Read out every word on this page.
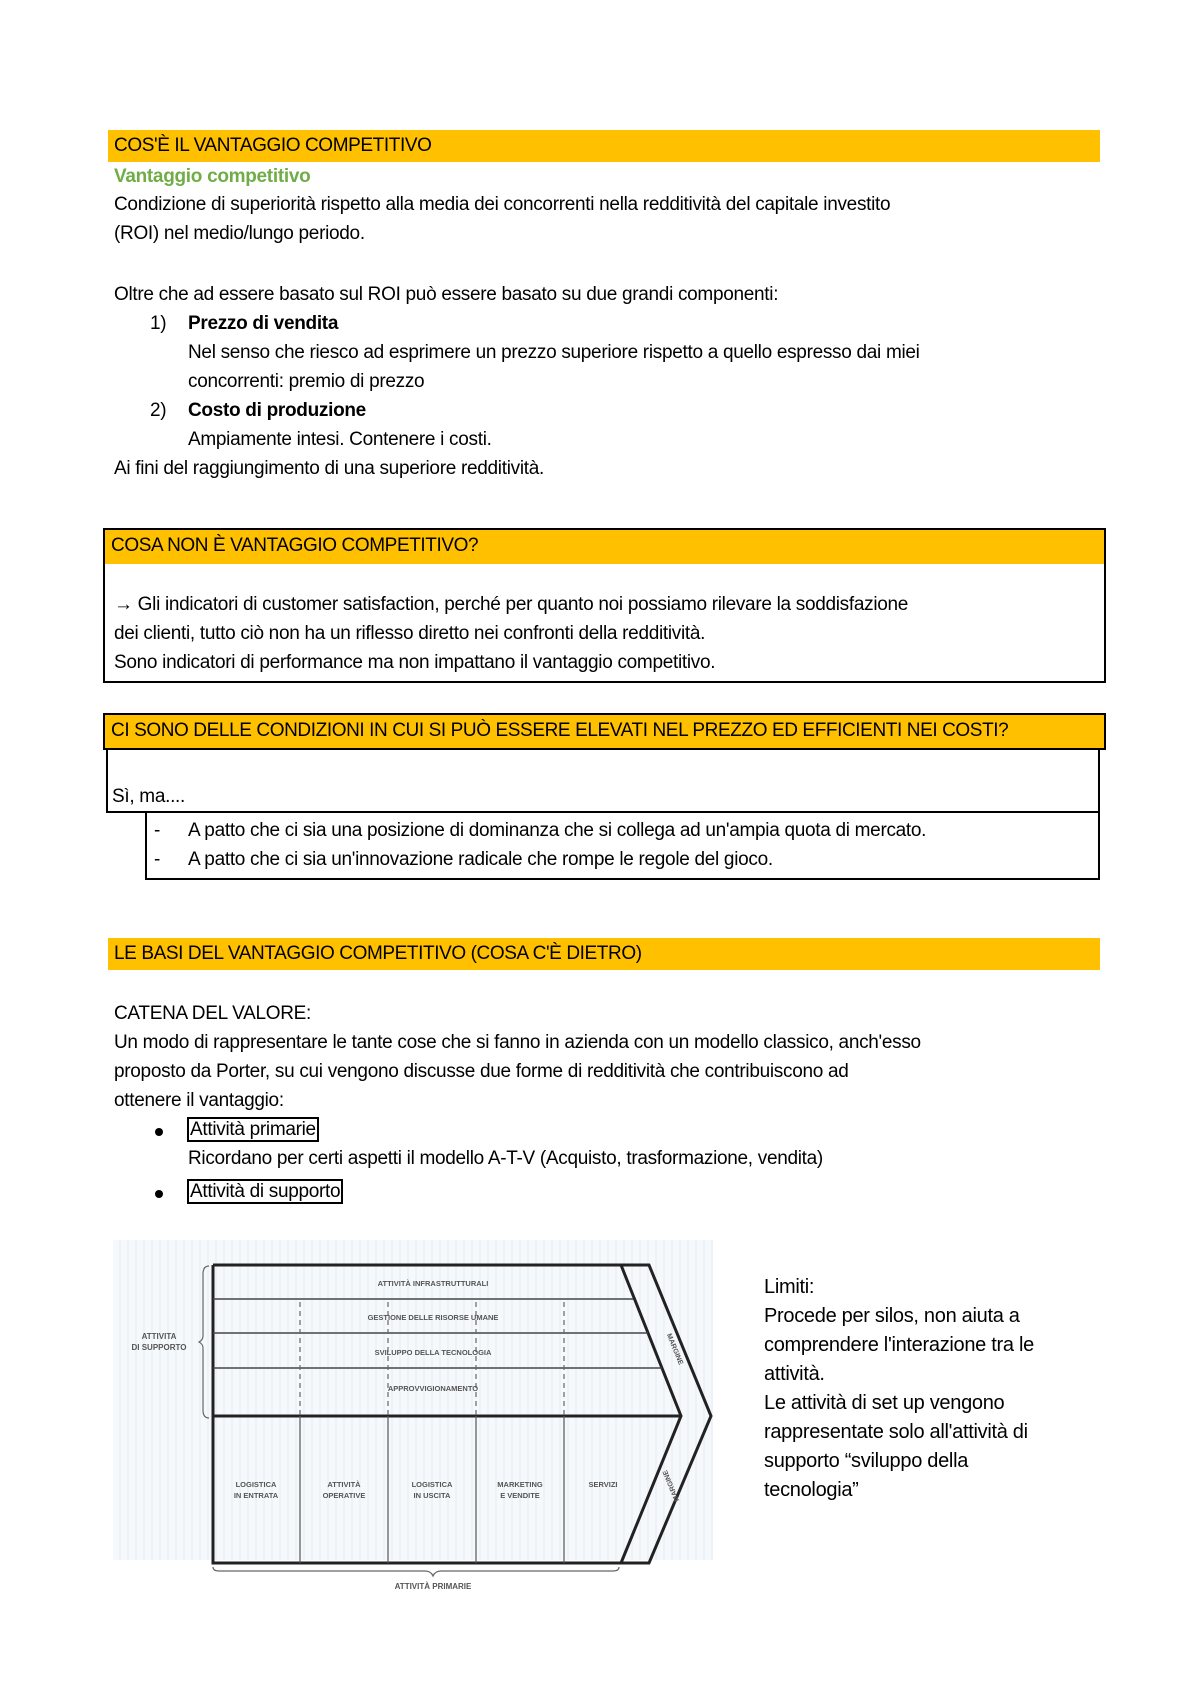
COS'È IL VANTAGGIO COMPETITIVO
Vantaggio competitivo
Condizione di superiorità rispetto alla media dei concorrenti nella redditività del capitale investito
(ROI) nel medio/lungo periodo.
Oltre che ad essere basato sul ROI può essere basato su due grandi componenti:
1) Prezzo di vendita
Nel senso che riesco ad esprimere un prezzo superiore rispetto a quello espresso dai miei
concorrenti: premio di prezzo
2) Costo di produzione
Ampiamente intesi. Contenere i costi.
Ai fini del raggiungimento di una superiore redditività.
COSA NON È VANTAGGIO COMPETITIVO?
→ Gli indicatori di customer satisfaction, perché per quanto noi possiamo rilevare la soddisfazione
dei clienti, tutto ciò non ha un riflesso diretto nei confronti della redditività.
Sono indicatori di performance ma non impattano il vantaggio competitivo.
CI SONO DELLE CONDIZIONI IN CUI SI PUÒ ESSERE ELEVATI NEL PREZZO ED EFFICIENTI NEI COSTI?
Sì, ma....
- A patto che ci sia una posizione di dominanza che si collega ad un'ampia quota di mercato.
- A patto che ci sia un'innovazione radicale che rompe le regole del gioco.
LE BASI DEL VANTAGGIO COMPETITIVO (COSA C'È DIETRO)
CATENA DEL VALORE:
Un modo di rappresentare le tante cose che si fanno in azienda con un modello classico, anch'esso
proposto da Porter, su cui vengono discusse due forme di redditività che contribuiscono ad
ottenere il vantaggio:
Attività primarie
Ricordano per certi aspetti il modello A-T-V (Acquisto, trasformazione, vendita)
Attività di supporto
ATTIVITA
DI SUPPORTO
ATTIVITÀ INFRASTRUTTURALI
GESTIONE DELLE RISORSE UMANE
SVILUPPO DELLA TECNOLOGIA
APPROVVIGIONAMENTO
LOGISTICA
IN ENTRATA
ATTIVITÀ
OPERATIVE
LOGISTICA
IN USCITA
MARKETING
E VENDITE
SERVIZI
MARGINE
MARGINE
ATTIVITÀ PRIMARIE
Limiti:
Procede per silos, non aiuta a
comprendere l'interazione tra le
attività.
Le attività di set up vengono
rappresentate solo all'attività di
supporto “sviluppo della
tecnologia”
